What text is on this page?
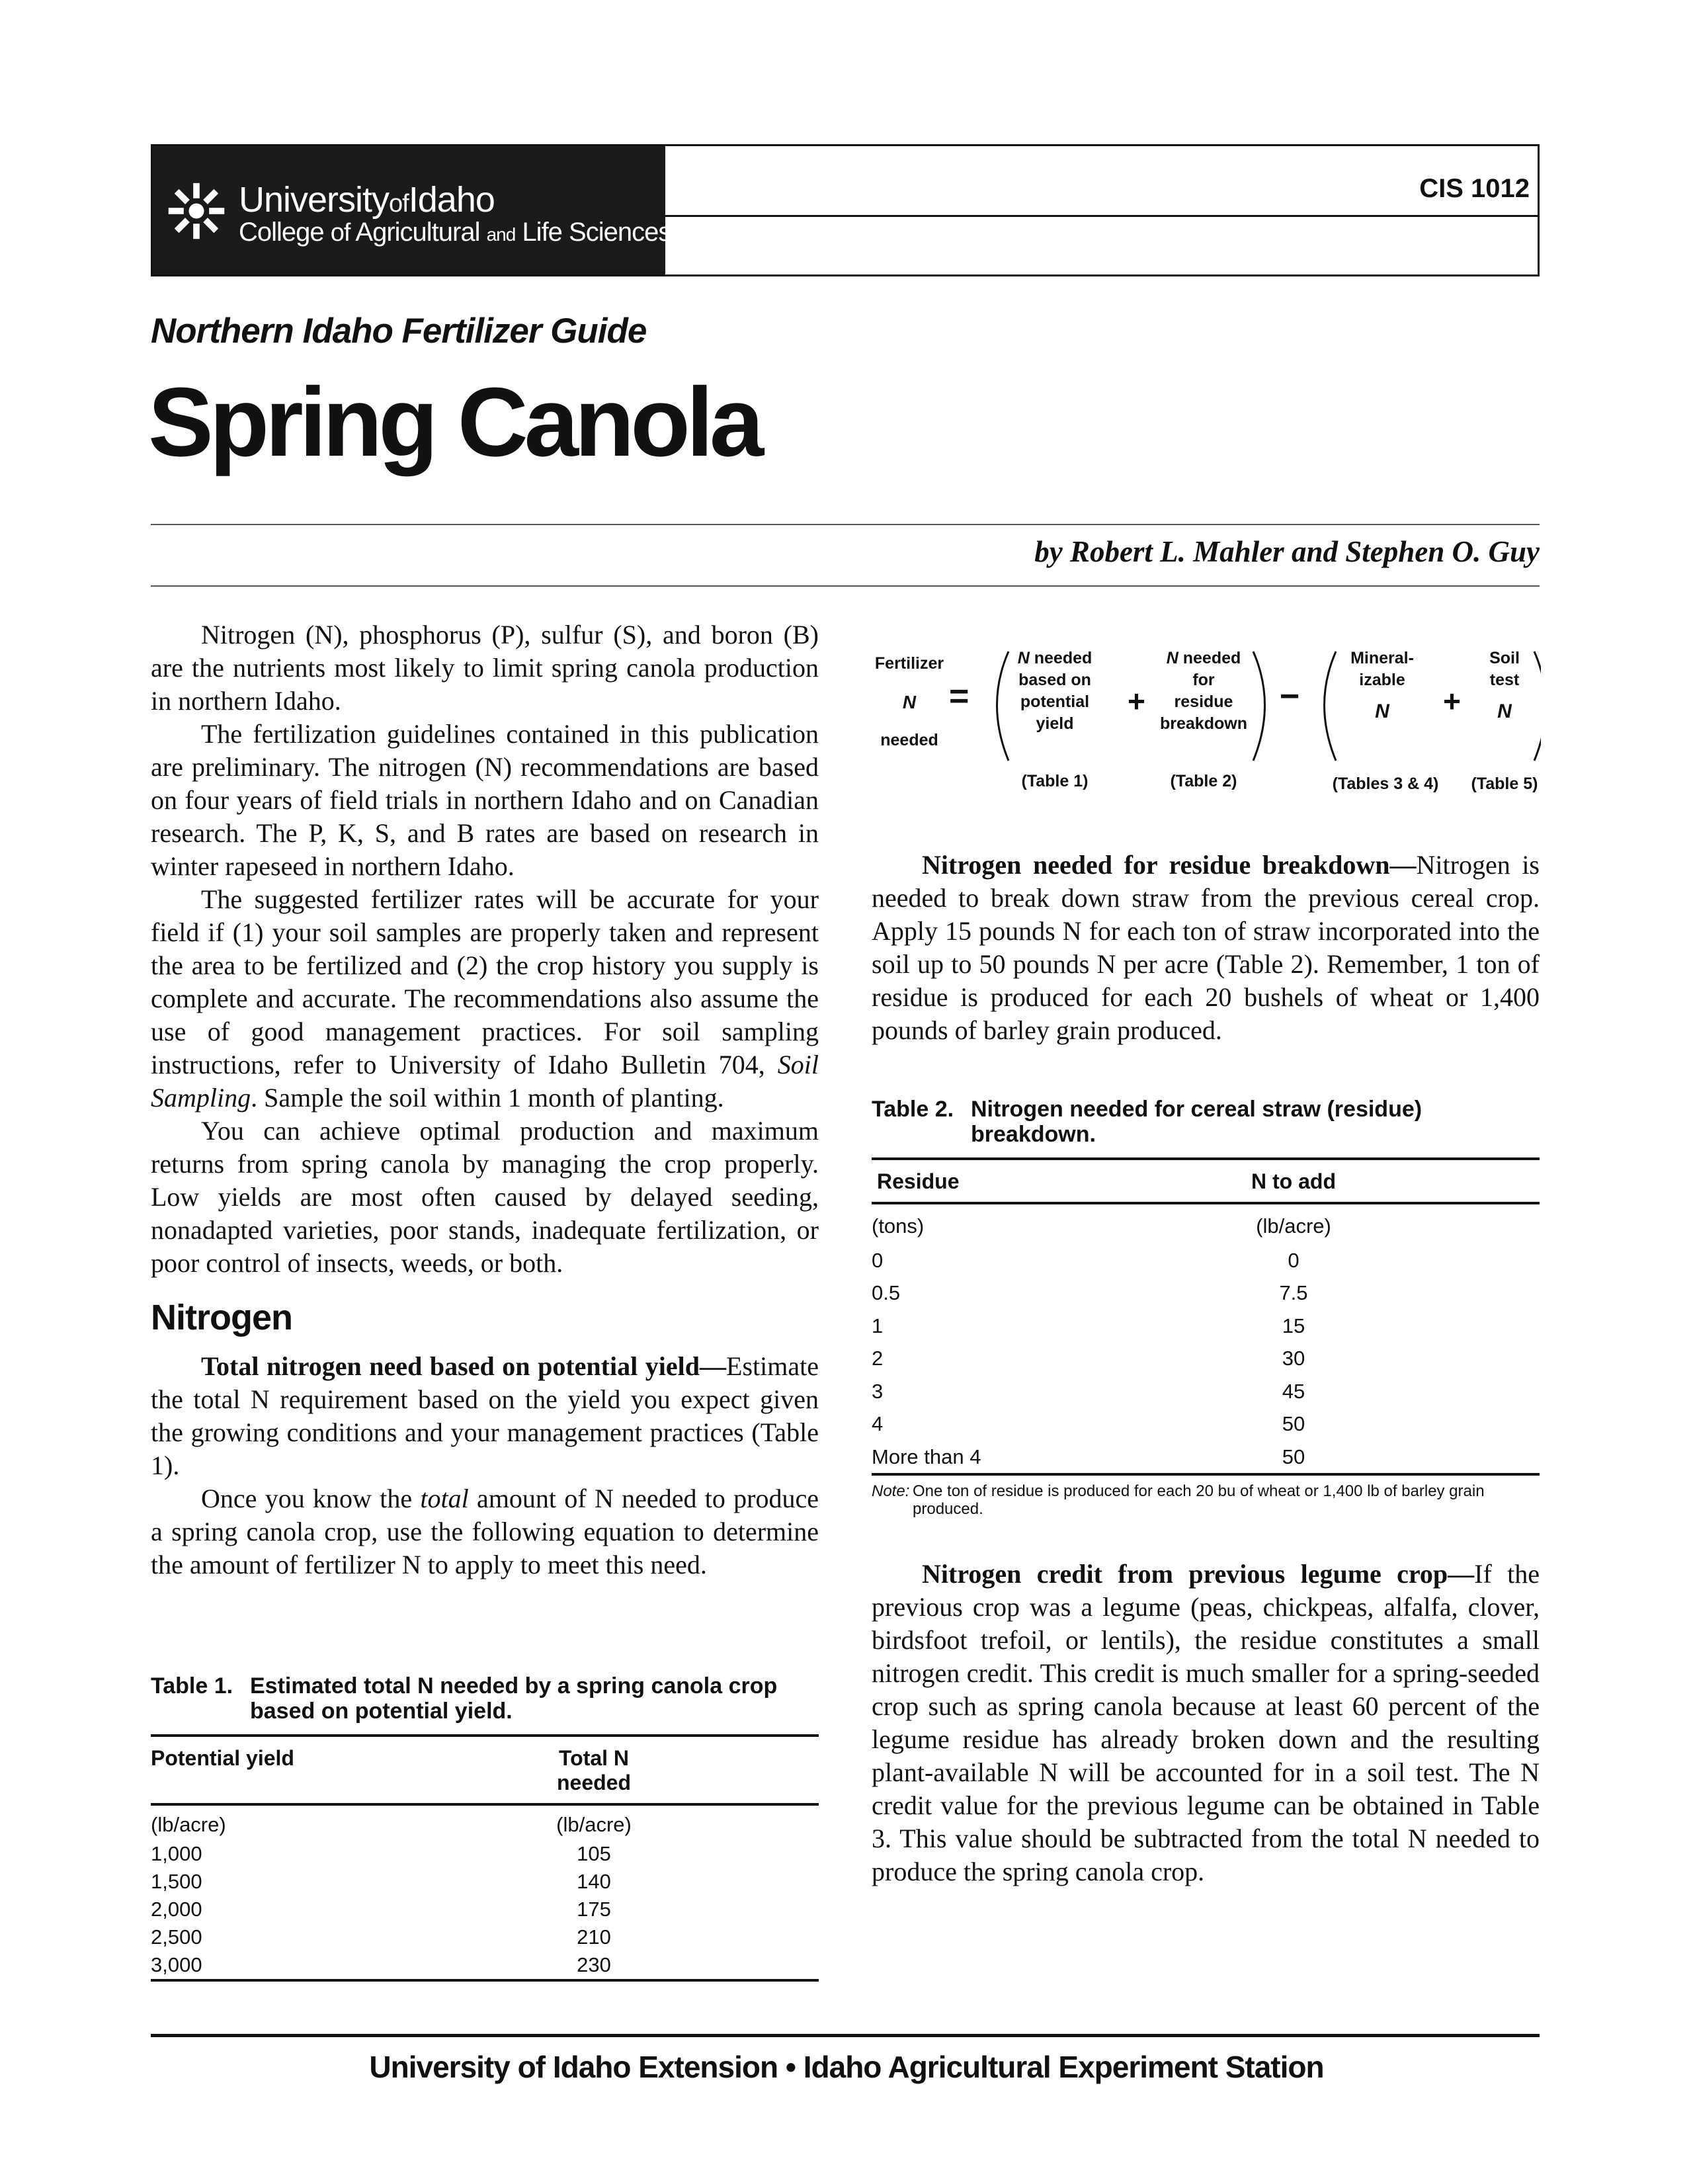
UniversityofIdaho
College of Agricultural and Life Sciences
CIS 1012
Northern Idaho Fertilizer Guide
Spring Canola
by Robert L. Mahler and Stephen O. Guy

Nitrogen (N), phosphorus (P), sulfur (S), and boron (B) are the nutrients most likely to limit spring canola production in northern Idaho.

The fertilization guidelines contained in this publication are preliminary. The nitrogen (N) recommendations are based on four years of field trials in northern Idaho and on Canadian research. The P, K, S, and B rates are based on research in winter rapeseed in northern Idaho.

The suggested fertilizer rates will be accurate for your field if (1) your soil samples are properly taken and represent the area to be fertilized and (2) the crop history you supply is complete and accurate. The recommendations also assume the use of good management practices. For soil sampling instructions, refer to University of Idaho Bulletin 704, Soil Sampling. Sample the soil within 1 month of planting.

You can achieve optimal production and maximum returns from spring canola by managing the crop properly. Low yields are most often caused by delayed seeding, nonadapted varieties, poor stands, inadequate fertilization, or poor control of insects, weeds, or both.

Nitrogen

Total nitrogen need based on potential yield—Estimate the total N requirement based on the yield you expect given the growing conditions and your management practices (Table 1).

Once you know the total amount of N needed to produce a spring canola crop, use the following equation to determine the amount of fertilizer N to apply to meet this need.

Table 1. Estimated total N needed by a spring canola crop based on potential yield.
Potential yield	Total N needed
(lb/acre)	(lb/acre)
1,000	105
1,500	140
2,000	175
2,500	210
3,000	230
Fertilizer
N
needed
=
N needed
based on
potential
yield
(Table 1)
+
N needed
for
residue
breakdown
(Table 2)
−
Mineral-
izable
N
(Tables 3 & 4)
+
Soil
test
N
(Table 5)

Nitrogen needed for residue breakdown—Nitrogen is needed to break down straw from the previous cereal crop. Apply 15 pounds N for each ton of straw incorporated into the soil up to 50 pounds N per acre (Table 2). Remember, 1 ton of residue is produced for each 20 bushels of wheat or 1,400 pounds of barley grain produced.

Table 2. Nitrogen needed for cereal straw (residue) breakdown.
Residue	N to add
(tons)	(lb/acre)
0	0
0.5	7.5
1	15
2	30
3	45
4	50
More than 4	50
Note: One ton of residue is produced for each 20 bu of wheat or 1,400 lb of barley grain produced.

Nitrogen credit from previous legume crop—If the previous crop was a legume (peas, chickpeas, alfalfa, clover, birdsfoot trefoil, or lentils), the residue constitutes a small nitrogen credit. This credit is much smaller for a spring-seeded crop such as spring canola because at least 60 percent of the legume residue has already broken down and the resulting plant-available N will be accounted for in a soil test. The N credit value for the previous legume can be obtained in Table 3. This value should be subtracted from the total N needed to produce the spring canola crop.

University of Idaho Extension • Idaho Agricultural Experiment Station
